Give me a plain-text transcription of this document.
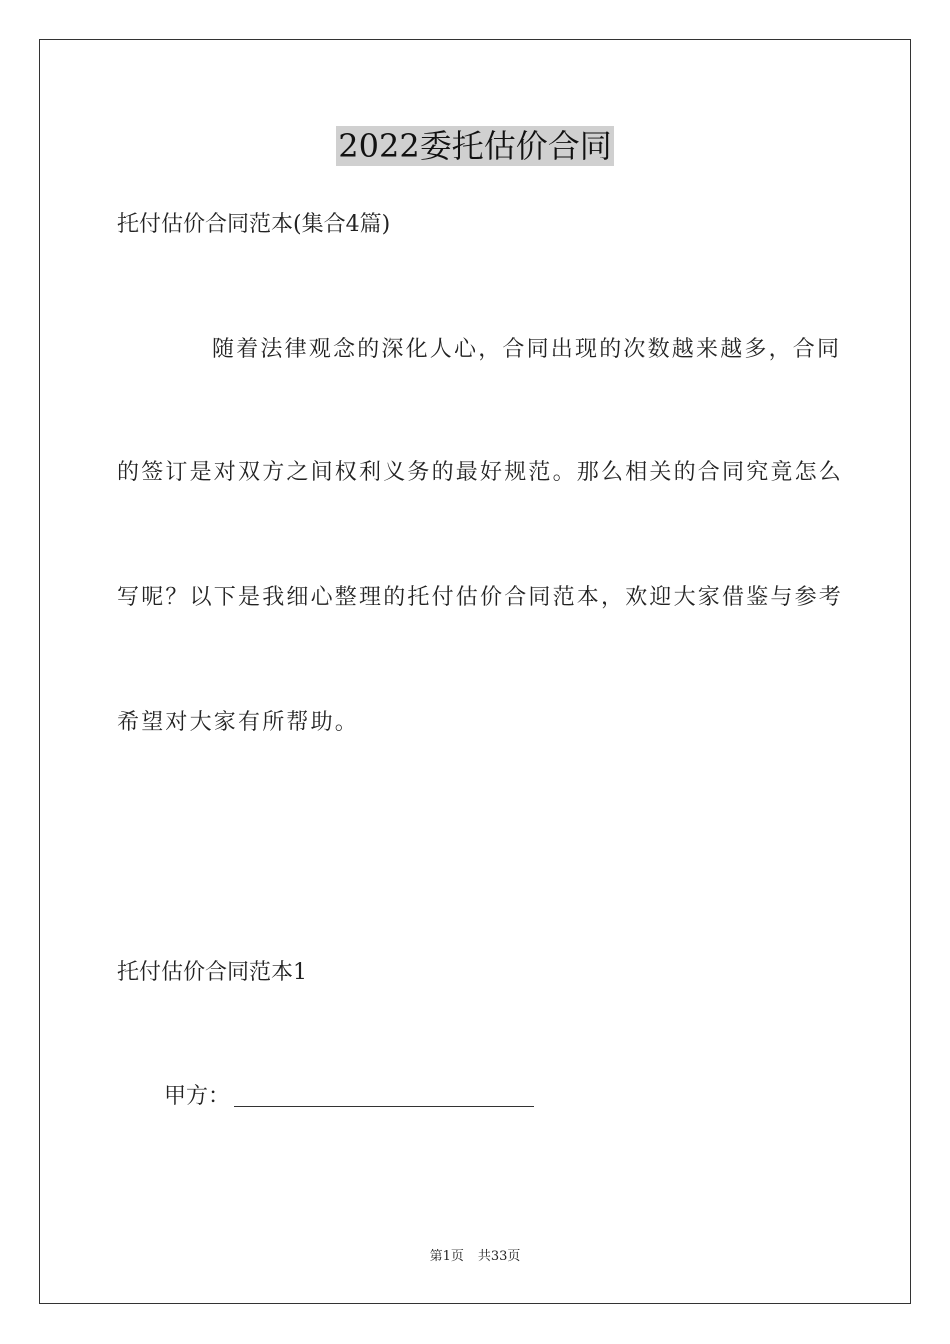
2022委托估价合同
托付估价合同范本(集合4篇)
随着法律观念的深化人心，合同出现的次数越来越多，合同
的签订是对双方之间权利义务的最好规范。那么相关的合同究竟怎么
写呢？以下是我细心整理的托付估价合同范本，欢迎大家借鉴与参考
希望对大家有所帮助。
托付估价合同范本1
甲方：
第1页 共33页
